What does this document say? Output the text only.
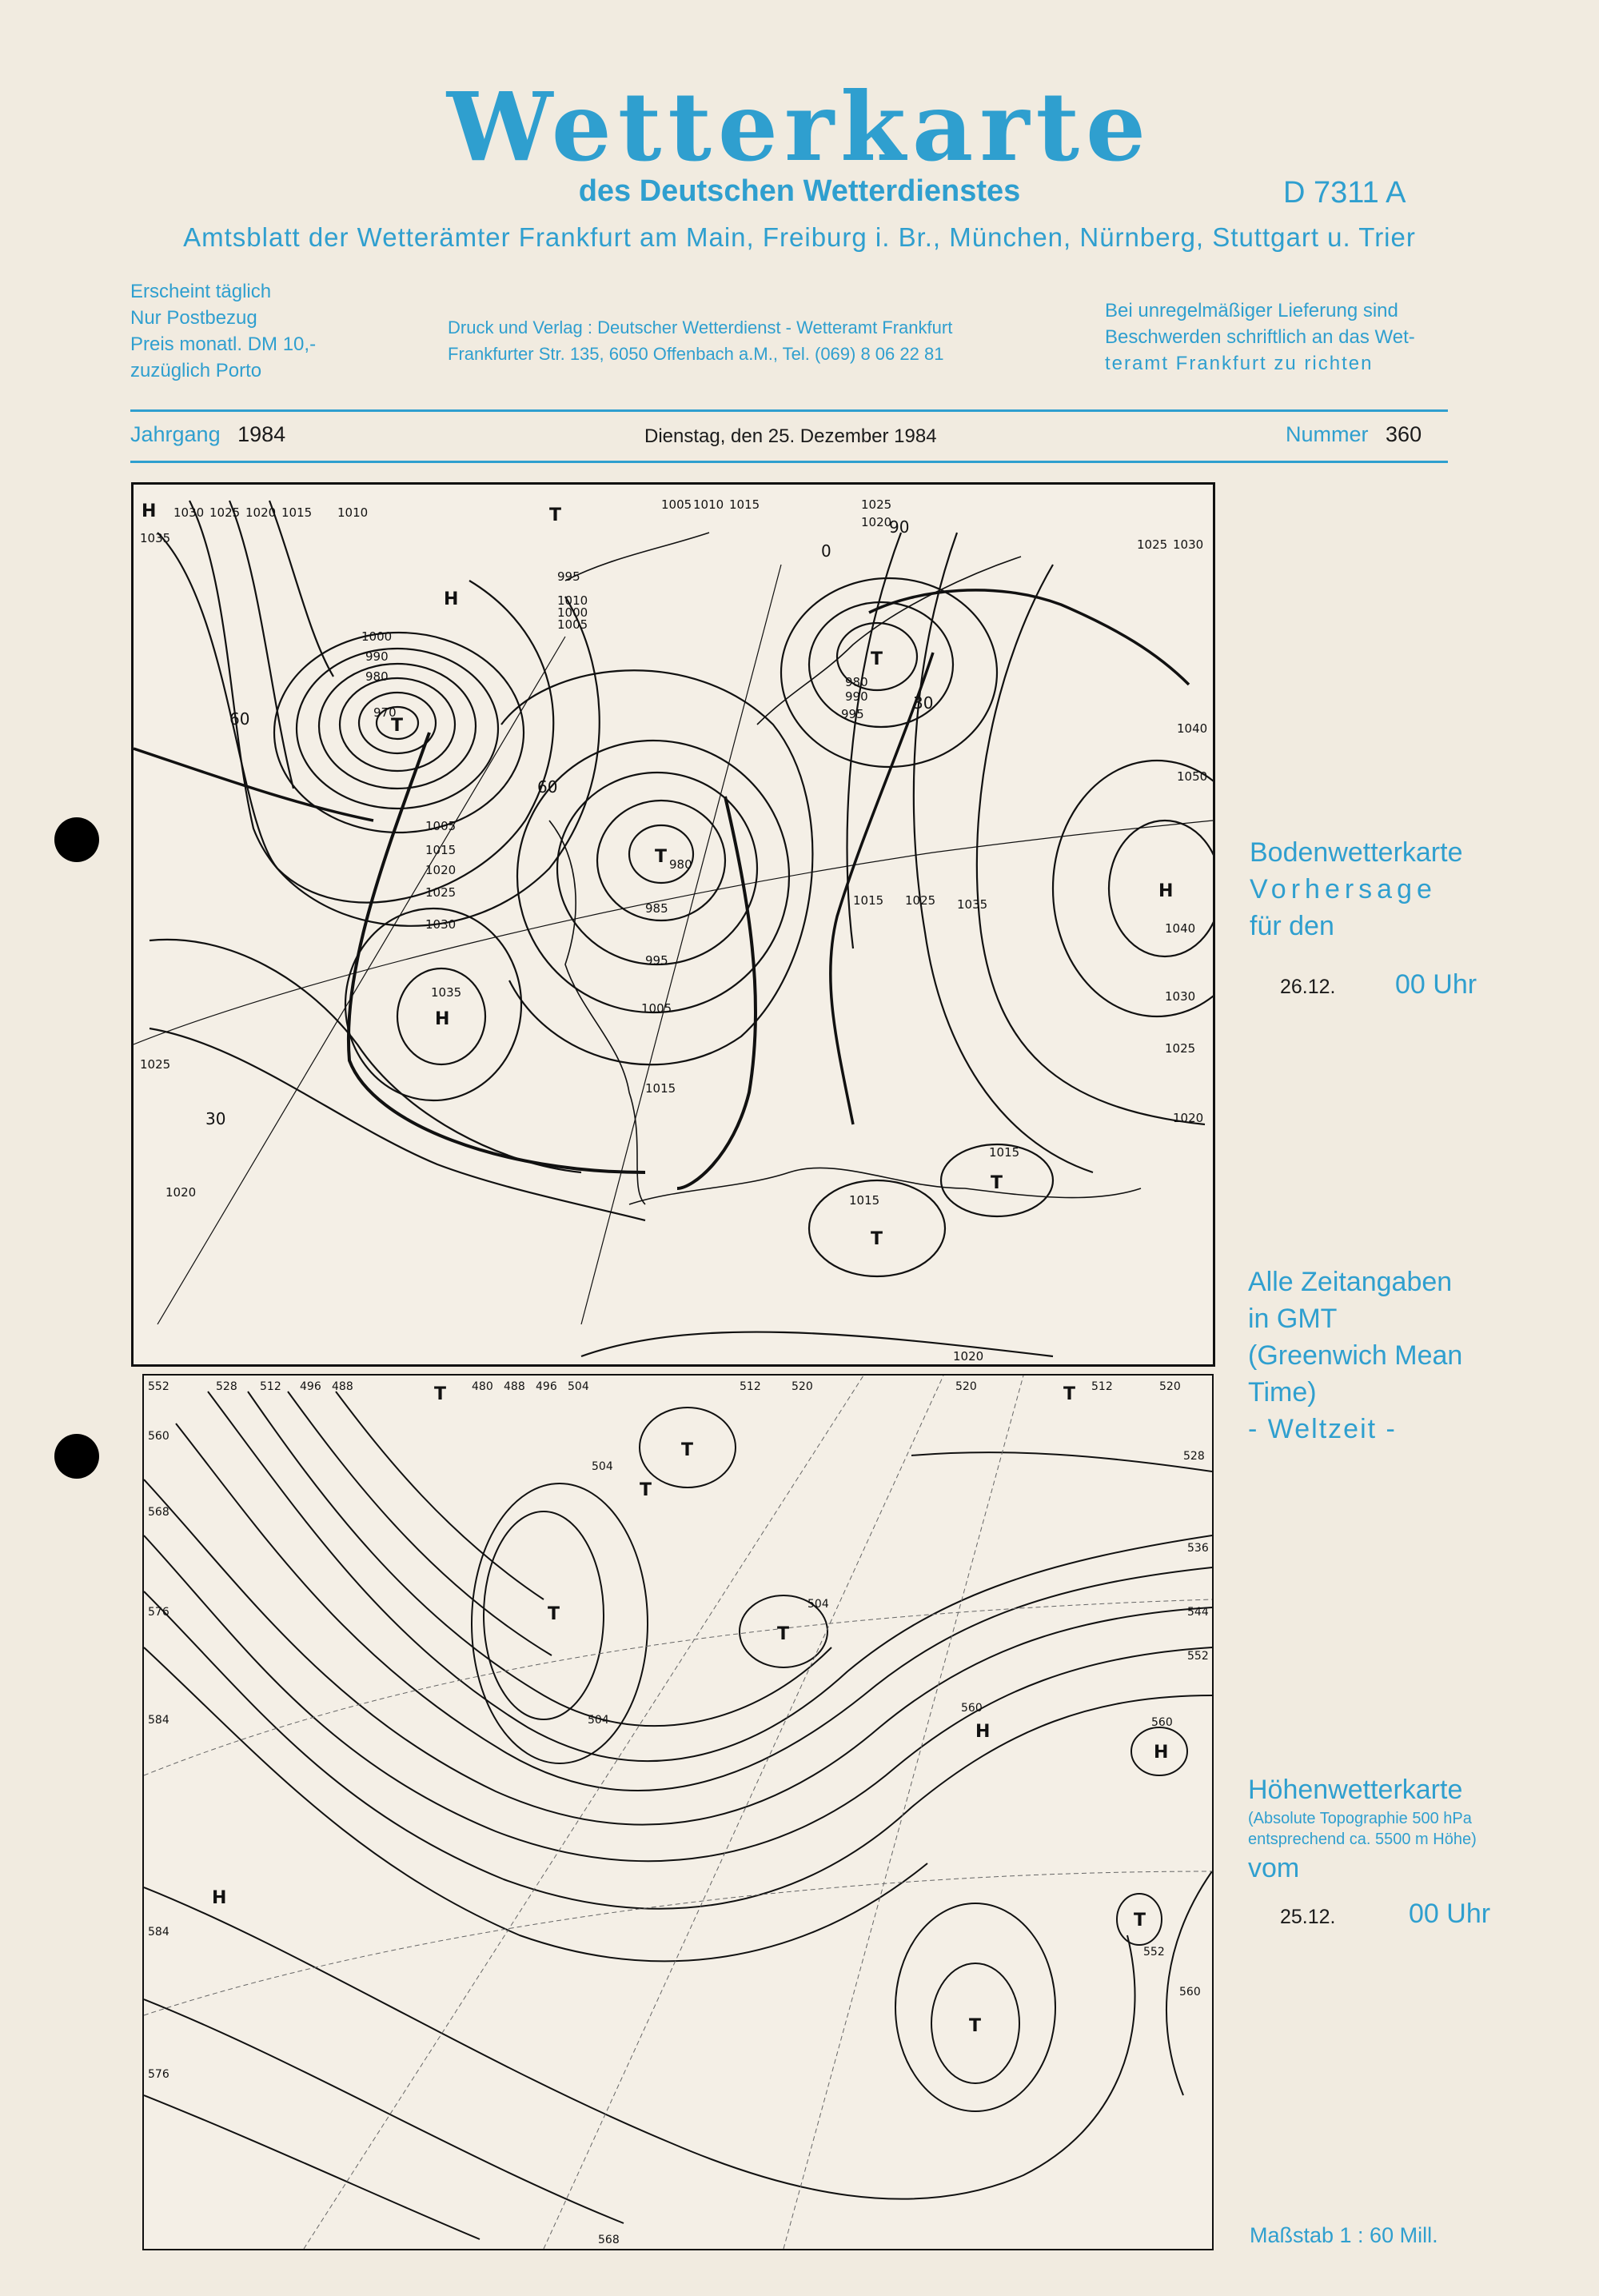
Wetterkarte
des Deutschen Wetterdienstes	D 7311 A
Amtsblatt der Wetterämter Frankfurt am Main, Freiburg i. Br., München, Nürnberg, Stuttgart u. Trier
Erscheint täglich
Nur Postbezug
Preis monatl. DM 10,-
zuzüglich Porto
Druck und Verlag : Deutscher Wetterdienst - Wetteramt Frankfurt
Frankfurter Str. 135, 6050 Offenbach a.M., Tel. (069) 8 06 22 81
Bei unregelmäßiger Lieferung sind
Beschwerden schriftlich an das Wet-
teramt Frankfurt zu richten
Jahrgang 1984	Dienstag, den 25. Dezember 1984	Nummer 360
H
T
T
H
T
T
H
H
T
T
1030 1025 1020 1015 1010
1035
1000
990
980
970
995
1005
1005
1015
1020
1025
1030
1035
980
985
995
1005
1015
1015 1025 1035
1010
1005	1015	1025
1020
1025 1030
1040
1050
1040
1030
1025
1020
1015
1015
1020
1025
990
980
995
1020
1010
1000
30
60
60
90
30
0
Bodenwetterkarte
Vorhersage
für den
26.12. 00 Uhr
Alle Zeitangaben
in GMT
(Greenwich Mean
Time)
- Weltzeit -
T
T
T
T
T	T
H
H
H
T
T
552	528 512 496 488	480 488 496 504	512	520	520	512	520
528
560
568
576
584
504
504
504
560
536
544
552
560
552
560
584
576
568
Höhenwetterkarte
(Absolute Topographie 500 hPa
entsprechend ca. 5500 m Höhe)
vom
25.12.	00 Uhr
Maßstab 1 : 60 Mill.
